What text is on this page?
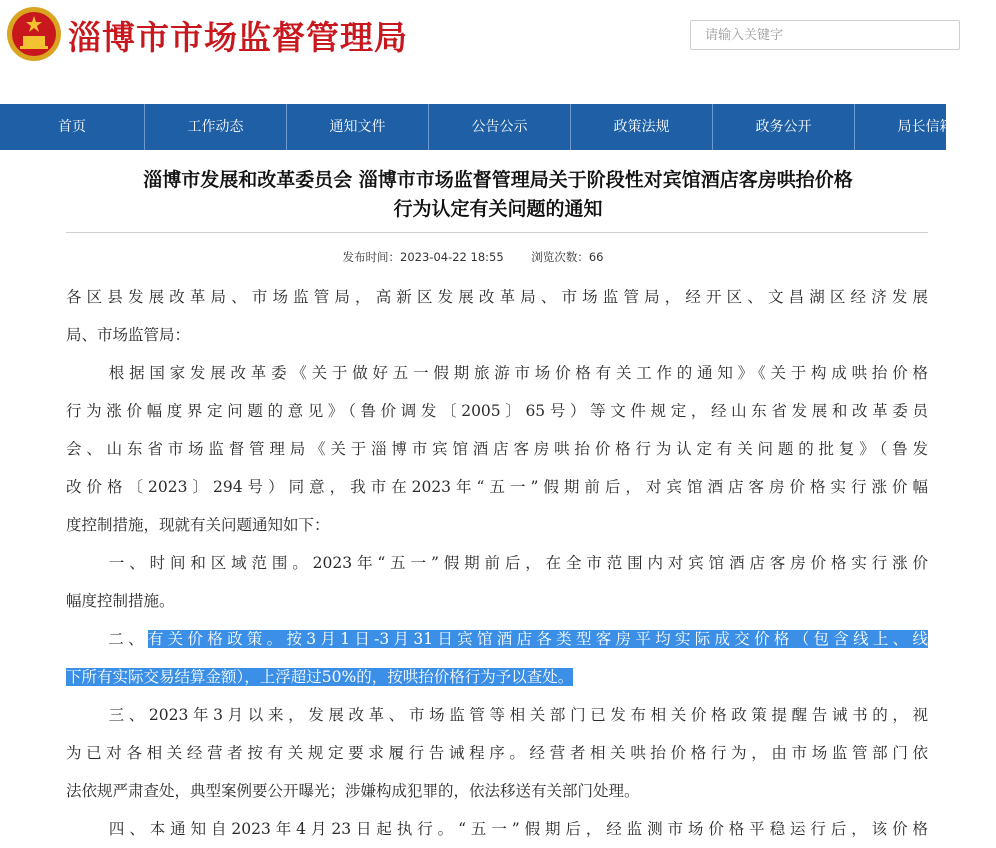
淄博市市场监督管理局
请输入关键字
首页	工作动态	通知文件	公告公示	政策法规	政务公开	局长信箱
淄博市发展和改革委员会 淄博市市场监督管理局关于阶段性对宾馆酒店客房哄抬价格
行为认定有关问题的通知
发布时间：2023-04-22 18:55 浏览次数：66

各区县发展改革局、市场监管局，高新区发展改革局、市场监管局，经开区、文昌湖区经济发展

局、市场监管局：

根据国家发展改革委《关于做好五一假期旅游市场价格有关工作的通知》《关于构成哄抬价格

行为涨价幅度界定问题的意见》（鲁价调发〔2005〕65号）等文件规定，经山东省发展和改革委员

会、山东省市场监督管理局《关于淄博市宾馆酒店客房哄抬价格行为认定有关问题的批复》（鲁发

改价格〔2023〕294号）同意，我市在2023年“五一”假期前后，对宾馆酒店客房价格实行涨价幅

度控制措施，现就有关问题通知如下：

一、时间和区域范围。2023年“五一”假期前后，在全市范围内对宾馆酒店客房价格实行涨价

幅度控制措施。

二、有关价格政策。按3月1日-3月31日宾馆酒店各类型客房平均实际成交价格（包含线上、线

下所有实际交易结算金额），上浮超过50%的，按哄抬价格行为予以查处。

三、2023年3月以来，发展改革、市场监管等相关部门已发布相关价格政策提醒告诫书的，视

为已对各相关经营者按有关规定要求履行告诫程序。经营者相关哄抬价格行为，由市场监管部门依

法依规严肃查处，典型案例要公开曝光；涉嫌构成犯罪的，依法移送有关部门处理。

四、本通知自2023年4月23日起执行。“五一”假期后，经监测市场价格平稳运行后，该价格
